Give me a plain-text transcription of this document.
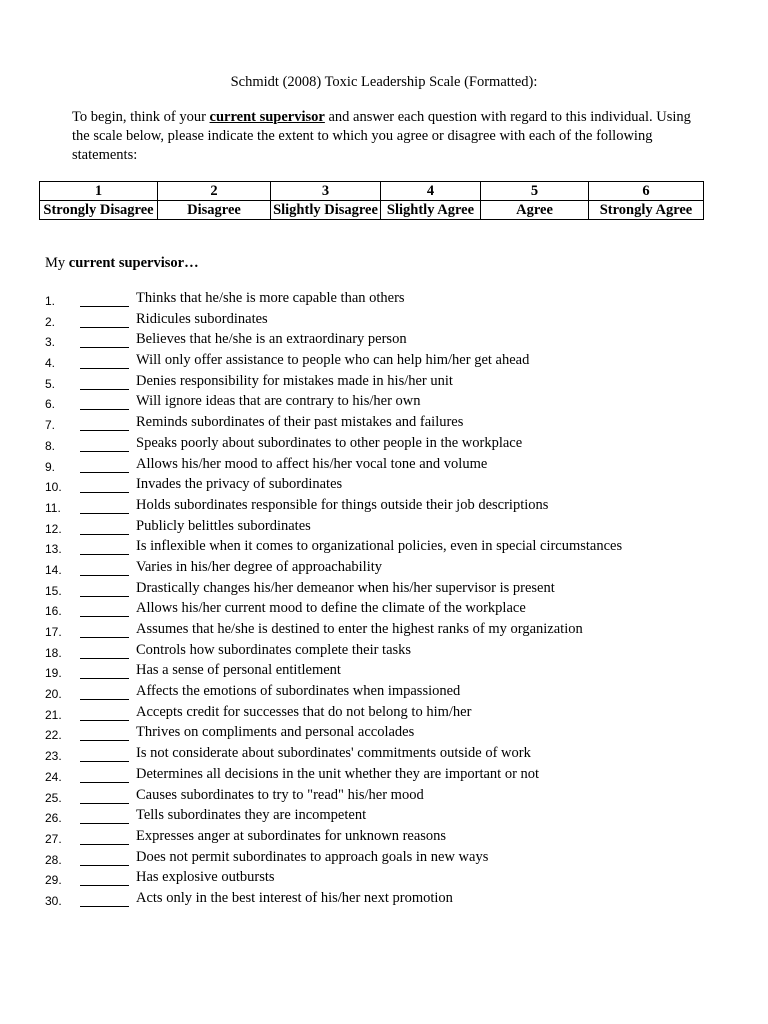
Schmidt (2008) Toxic Leadership Scale (Formatted):
To begin, think of your current supervisor and answer each question with regard to this individual. Using the scale below, please indicate the extent to which you agree or disagree with each of the following statements:
1	2	3	4	5	6
Strongly Disagree	Disagree	Slightly Disagree	Slightly Agree	Agree	Strongly Agree
My current supervisor…
1.	Thinks that he/she is more capable than others
2.	Ridicules subordinates
3.	Believes that he/she is an extraordinary person
4.	Will only offer assistance to people who can help him/her get ahead
5.	Denies responsibility for mistakes made in his/her unit
6.	Will ignore ideas that are contrary to his/her own
7.	Reminds subordinates of their past mistakes and failures
8.	Speaks poorly about subordinates to other people in the workplace
9.	Allows his/her mood to affect his/her vocal tone and volume
10.	Invades the privacy of subordinates
11.	Holds subordinates responsible for things outside their job descriptions
12.	Publicly belittles subordinates
13.	Is inflexible when it comes to organizational policies, even in special circumstances
14.	Varies in his/her degree of approachability
15.	Drastically changes his/her demeanor when his/her supervisor is present
16.	Allows his/her current mood to define the climate of the workplace
17.	Assumes that he/she is destined to enter the highest ranks of my organization
18.	Controls how subordinates complete their tasks
19.	Has a sense of personal entitlement
20.	Affects the emotions of subordinates when impassioned
21.	Accepts credit for successes that do not belong to him/her
22.	Thrives on compliments and personal accolades
23.	Is not considerate about subordinates' commitments outside of work
24.	Determines all decisions in the unit whether they are important or not
25.	Causes subordinates to try to "read" his/her mood
26.	Tells subordinates they are incompetent
27.	Expresses anger at subordinates for unknown reasons
28.	Does not permit subordinates to approach goals in new ways
29.	Has explosive outbursts
30.	Acts only in the best interest of his/her next promotion
